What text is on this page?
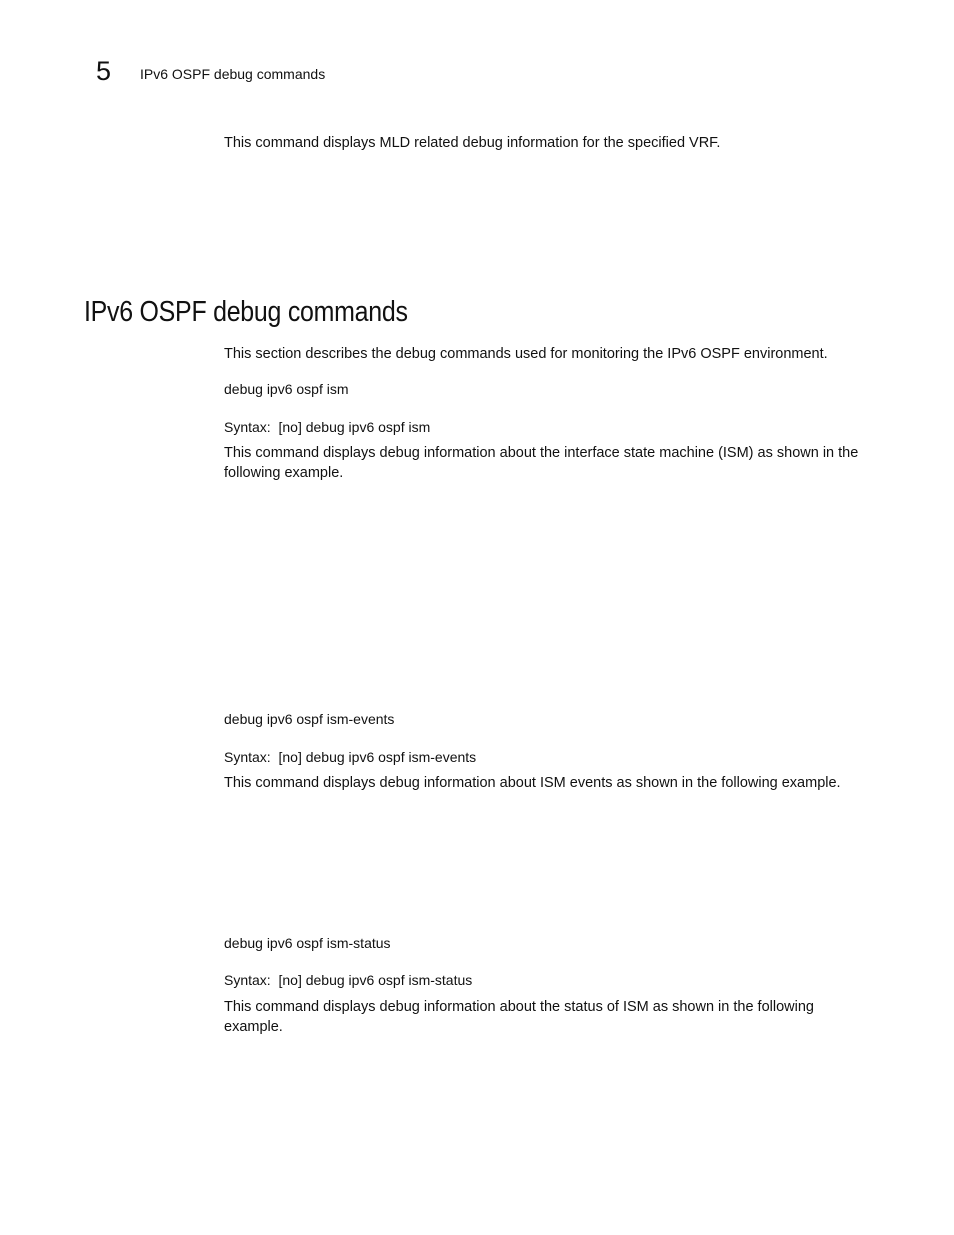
5 IPv6 OSPF debug commands
This command displays MLD related debug information for the specified VRF.
IPv6 OSPF debug commands
This section describes the debug commands used for monitoring the IPv6 OSPF environment.
debug ipv6 ospf ism
Syntax: [no] debug ipv6 ospf ism
This command displays debug information about the interface state machine (ISM) as shown in the following example.
debug ipv6 ospf ism-events
Syntax: [no] debug ipv6 ospf ism-events
This command displays debug information about ISM events as shown in the following example.
debug ipv6 ospf ism-status
Syntax: [no] debug ipv6 ospf ism-status
This command displays debug information about the status of ISM as shown in the following example.
